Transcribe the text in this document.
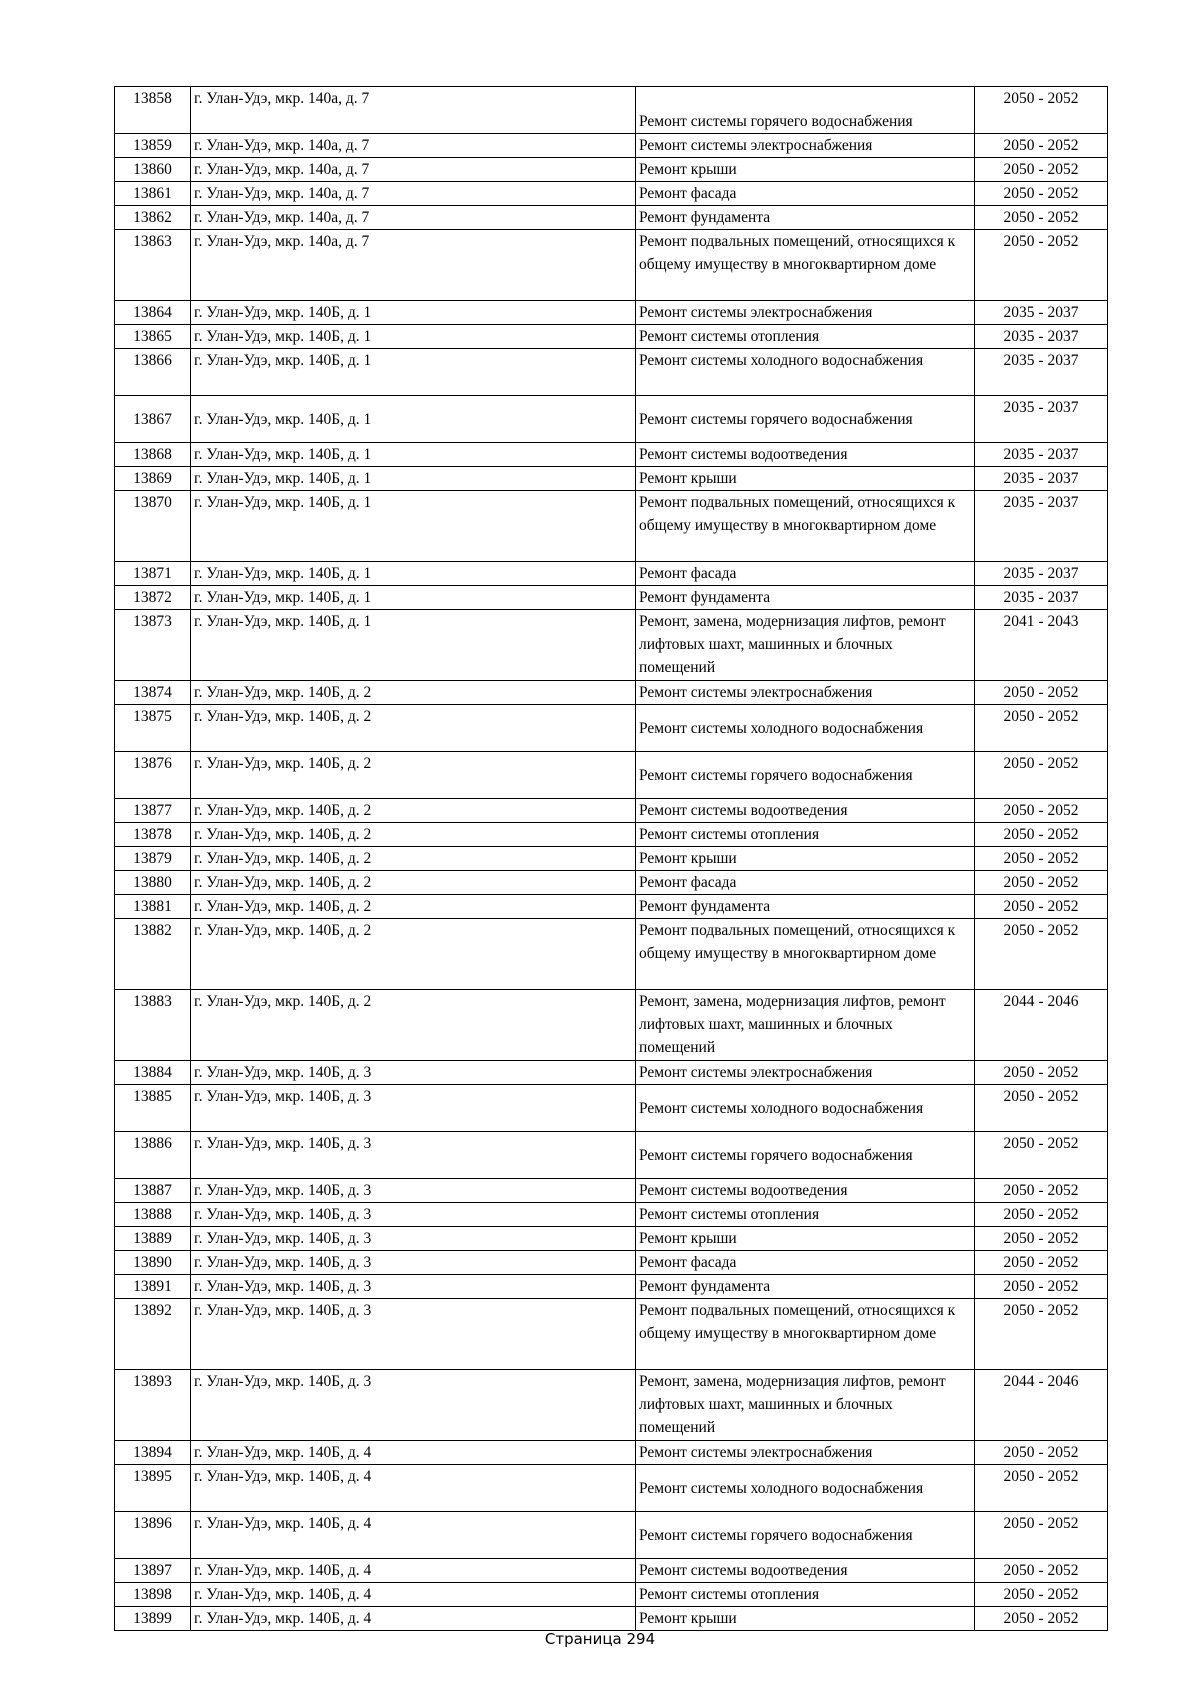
13858	г. Улан-Удэ, мкр. 140а, д. 7	Ремонт системы горячего водоснабжения	2050 - 2052
13859	г. Улан-Удэ, мкр. 140а, д. 7	Ремонт системы электроснабжения	2050 - 2052
13860	г. Улан-Удэ, мкр. 140а, д. 7	Ремонт крыши	2050 - 2052
13861	г. Улан-Удэ, мкр. 140а, д. 7	Ремонт фасада	2050 - 2052
13862	г. Улан-Удэ, мкр. 140а, д. 7	Ремонт фундамента	2050 - 2052
13863	г. Улан-Удэ, мкр. 140а, д. 7	Ремонт подвальных помещений, относящихся к общему имуществу в многоквартирном доме	2050 - 2052
13864	г. Улан-Удэ, мкр. 140Б, д. 1	Ремонт системы электроснабжения	2035 - 2037
13865	г. Улан-Удэ, мкр. 140Б, д. 1	Ремонт системы отопления	2035 - 2037
13866	г. Улан-Удэ, мкр. 140Б, д. 1	Ремонт системы холодного водоснабжения	2035 - 2037
13867	г. Улан-Удэ, мкр. 140Б, д. 1	Ремонт системы горячего водоснабжения	2035 - 2037
13868	г. Улан-Удэ, мкр. 140Б, д. 1	Ремонт системы водоотведения	2035 - 2037
13869	г. Улан-Удэ, мкр. 140Б, д. 1	Ремонт крыши	2035 - 2037
13870	г. Улан-Удэ, мкр. 140Б, д. 1	Ремонт подвальных помещений, относящихся к общему имуществу в многоквартирном доме	2035 - 2037
13871	г. Улан-Удэ, мкр. 140Б, д. 1	Ремонт фасада	2035 - 2037
13872	г. Улан-Удэ, мкр. 140Б, д. 1	Ремонт фундамента	2035 - 2037
13873	г. Улан-Удэ, мкр. 140Б, д. 1	Ремонт, замена, модернизация лифтов, ремонт лифтовых шахт, машинных и блочных помещений	2041 - 2043
13874	г. Улан-Удэ, мкр. 140Б, д. 2	Ремонт системы электроснабжения	2050 - 2052
13875	г. Улан-Удэ, мкр. 140Б, д. 2	Ремонт системы холодного водоснабжения	2050 - 2052
13876	г. Улан-Удэ, мкр. 140Б, д. 2	Ремонт системы горячего водоснабжения	2050 - 2052
13877	г. Улан-Удэ, мкр. 140Б, д. 2	Ремонт системы водоотведения	2050 - 2052
13878	г. Улан-Удэ, мкр. 140Б, д. 2	Ремонт системы отопления	2050 - 2052
13879	г. Улан-Удэ, мкр. 140Б, д. 2	Ремонт крыши	2050 - 2052
13880	г. Улан-Удэ, мкр. 140Б, д. 2	Ремонт фасада	2050 - 2052
13881	г. Улан-Удэ, мкр. 140Б, д. 2	Ремонт фундамента	2050 - 2052
13882	г. Улан-Удэ, мкр. 140Б, д. 2	Ремонт подвальных помещений, относящихся к общему имуществу в многоквартирном доме	2050 - 2052
13883	г. Улан-Удэ, мкр. 140Б, д. 2	Ремонт, замена, модернизация лифтов, ремонт лифтовых шахт, машинных и блочных помещений	2044 - 2046
13884	г. Улан-Удэ, мкр. 140Б, д. 3	Ремонт системы электроснабжения	2050 - 2052
13885	г. Улан-Удэ, мкр. 140Б, д. 3	Ремонт системы холодного водоснабжения	2050 - 2052
13886	г. Улан-Удэ, мкр. 140Б, д. 3	Ремонт системы горячего водоснабжения	2050 - 2052
13887	г. Улан-Удэ, мкр. 140Б, д. 3	Ремонт системы водоотведения	2050 - 2052
13888	г. Улан-Удэ, мкр. 140Б, д. 3	Ремонт системы отопления	2050 - 2052
13889	г. Улан-Удэ, мкр. 140Б, д. 3	Ремонт крыши	2050 - 2052
13890	г. Улан-Удэ, мкр. 140Б, д. 3	Ремонт фасада	2050 - 2052
13891	г. Улан-Удэ, мкр. 140Б, д. 3	Ремонт фундамента	2050 - 2052
13892	г. Улан-Удэ, мкр. 140Б, д. 3	Ремонт подвальных помещений, относящихся к общему имуществу в многоквартирном доме	2050 - 2052
13893	г. Улан-Удэ, мкр. 140Б, д. 3	Ремонт, замена, модернизация лифтов, ремонт лифтовых шахт, машинных и блочных помещений	2044 - 2046
13894	г. Улан-Удэ, мкр. 140Б, д. 4	Ремонт системы электроснабжения	2050 - 2052
13895	г. Улан-Удэ, мкр. 140Б, д. 4	Ремонт системы холодного водоснабжения	2050 - 2052
13896	г. Улан-Удэ, мкр. 140Б, д. 4	Ремонт системы горячего водоснабжения	2050 - 2052
13897	г. Улан-Удэ, мкр. 140Б, д. 4	Ремонт системы водоотведения	2050 - 2052
13898	г. Улан-Удэ, мкр. 140Б, д. 4	Ремонт системы отопления	2050 - 2052
13899	г. Улан-Удэ, мкр. 140Б, д. 4	Ремонт крыши	2050 - 2052
Страница 294
